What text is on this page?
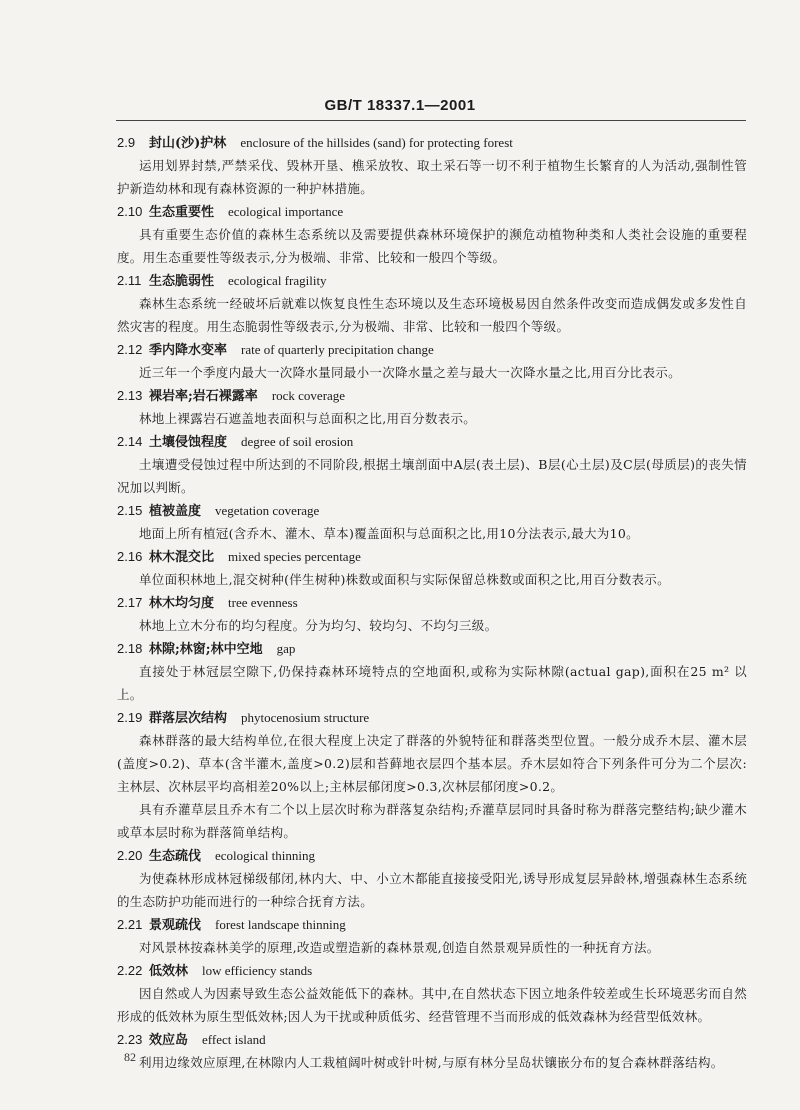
GB/T 18337.1—2001
2.9 封山(沙)护林 enclosure of the hillsides (sand) for protecting forest
运用划界封禁,严禁采伐、毁林开垦、樵采放牧、取土采石等一切不利于植物生长繁育的人为活动,强制性管护新造幼林和现有森林资源的一种护林措施。
2.10 生态重要性 ecological importance
具有重要生态价值的森林生态系统以及需要提供森林环境保护的濒危动植物种类和人类社会设施的重要程度。用生态重要性等级表示,分为极端、非常、比较和一般四个等级。
2.11 生态脆弱性 ecological fragility
森林生态系统一经破坏后就难以恢复良性生态环境以及生态环境极易因自然条件改变而造成偶发或多发性自然灾害的程度。用生态脆弱性等级表示,分为极端、非常、比较和一般四个等级。
2.12 季内降水变率 rate of quarterly precipitation change
近三年一个季度内最大一次降水量同最小一次降水量之差与最大一次降水量之比,用百分比表示。
2.13 裸岩率;岩石裸露率 rock coverage
林地上裸露岩石遮盖地表面积与总面积之比,用百分数表示。
2.14 土壤侵蚀程度 degree of soil erosion
土壤遭受侵蚀过程中所达到的不同阶段,根据土壤剖面中A层(表土层)、B层(心土层)及C层(母质层)的丧失情况加以判断。
2.15 植被盖度 vegetation coverage
地面上所有植冠(含乔木、灌木、草本)覆盖面积与总面积之比,用10分法表示,最大为10。
2.16 林木混交比 mixed species percentage
单位面积林地上,混交树种(伴生树种)株数或面积与实际保留总株数或面积之比,用百分数表示。
2.17 林木均匀度 tree evenness
林地上立木分布的均匀程度。分为均匀、较均匀、不均匀三级。
2.18 林隙;林窗;林中空地 gap
直接处于林冠层空隙下,仍保持森林环境特点的空地面积,或称为实际林隙(actual gap),面积在25 m² 以上。
2.19 群落层次结构 phytocenosium structure
森林群落的最大结构单位,在很大程度上决定了群落的外貌特征和群落类型位置。一般分成乔木层、灌木层(盖度>0.2)、草本(含半灌木,盖度>0.2)层和苔藓地衣层四个基本层。乔木层如符合下列条件可分为二个层次:主林层、次林层平均高相差20%以上;主林层郁闭度>0.3,次林层郁闭度>0.2。
具有乔灌草层且乔木有二个以上层次时称为群落复杂结构;乔灌草层同时具备时称为群落完整结构;缺少灌木或草本层时称为群落简单结构。
2.20 生态疏伐 ecological thinning
为使森林形成林冠梯级郁闭,林内大、中、小立木都能直接接受阳光,诱导形成复层异龄林,增强森林生态系统的生态防护功能而进行的一种综合抚育方法。
2.21 景观疏伐 forest landscape thinning
对风景林按森林美学的原理,改造或塑造新的森林景观,创造自然景观异质性的一种抚育方法。
2.22 低效林 low efficiency stands
因自然或人为因素导致生态公益效能低下的森林。其中,在自然状态下因立地条件较差或生长环境恶劣而自然形成的低效林为原生型低效林;因人为干扰或种质低劣、经营管理不当而形成的低效森林为经营型低效林。
2.23 效应岛 effect island
利用边缘效应原理,在林隙内人工栽植阔叶树或针叶树,与原有林分呈岛状镶嵌分布的复合森林群落结构。
82
